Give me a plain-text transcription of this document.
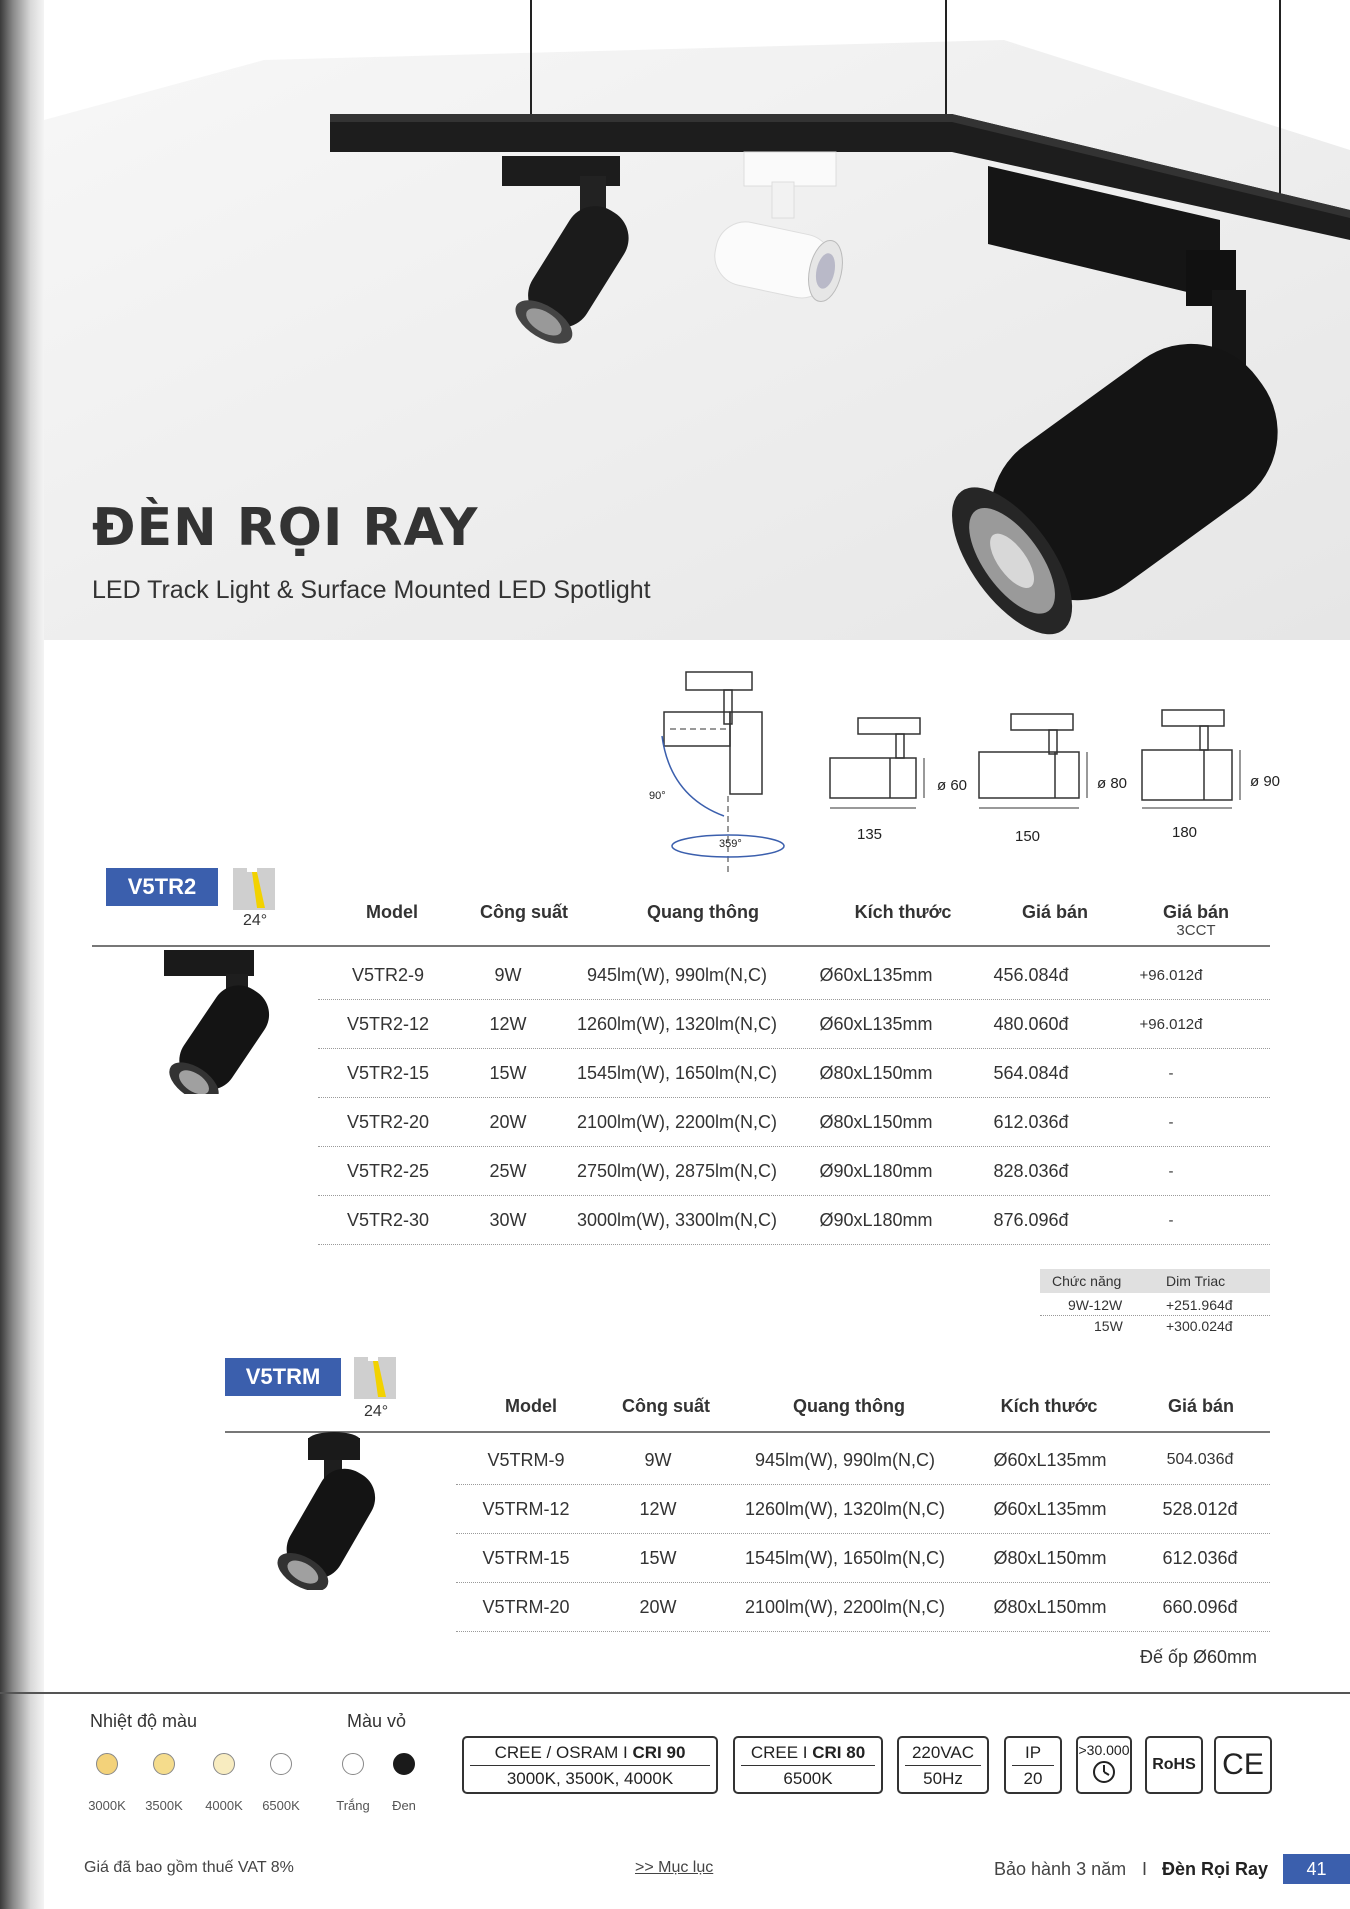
ĐÈN RỌI RAY
LED Track Light & Surface Mounted LED Spotlight
90°
359°
ø 60
135
ø 80
150
ø 90
180
V5TR2
24°	Model	Công suất	Quang thông	Kích thước	Giá bán	Giá bán
3CCT
V5TR2-9	9W	945lm(W), 990lm(N,C)	Ø60xL135mm	456.084đ	+96.012đ
V5TR2-12	12W	1260lm(W), 1320lm(N,C)	Ø60xL135mm	480.060đ	+96.012đ
V5TR2-15	15W	1545lm(W), 1650lm(N,C)	Ø80xL150mm	564.084đ	-
V5TR2-20	20W	2100lm(W), 2200lm(N,C)	Ø80xL150mm	612.036đ	-
V5TR2-25	25W	2750lm(W), 2875lm(N,C)	Ø90xL180mm	828.036đ	-
V5TR2-30	30W	3000lm(W), 3300lm(N,C)	Ø90xL180mm	876.096đ	-
Chức năng	Dim Triac
9W-12W	+251.964đ
15W	+300.024đ
V5TRM
24°	Model	Công suất	Quang thông	Kích thước	Giá bán
V5TRM-9	9W	945lm(W), 990lm(N,C)	Ø60xL135mm	504.036đ
V5TRM-12	12W	1260lm(W), 1320lm(N,C)	Ø60xL135mm	528.012đ
V5TRM-15	15W	1545lm(W), 1650lm(N,C)	Ø80xL150mm	612.036đ
V5TRM-20	20W	2100lm(W), 2200lm(N,C)	Ø80xL150mm	660.096đ
Đế ốp Ø60mm
Nhiệt độ màu	Màu vỏ
3000K	3500K	4000K	6500K	Trắng	Đen
CREE / OSRAM I CRI 90
3000K, 3500K, 4000K
CREE I CRI 80
6500K
220VAC
50Hz
IP
20
>30.000
RoHS CE
Giá đã bao gồm thuế VAT 8%	>> Mục lục	Bảo hành 3 năm I Đèn Rọi Ray	41
